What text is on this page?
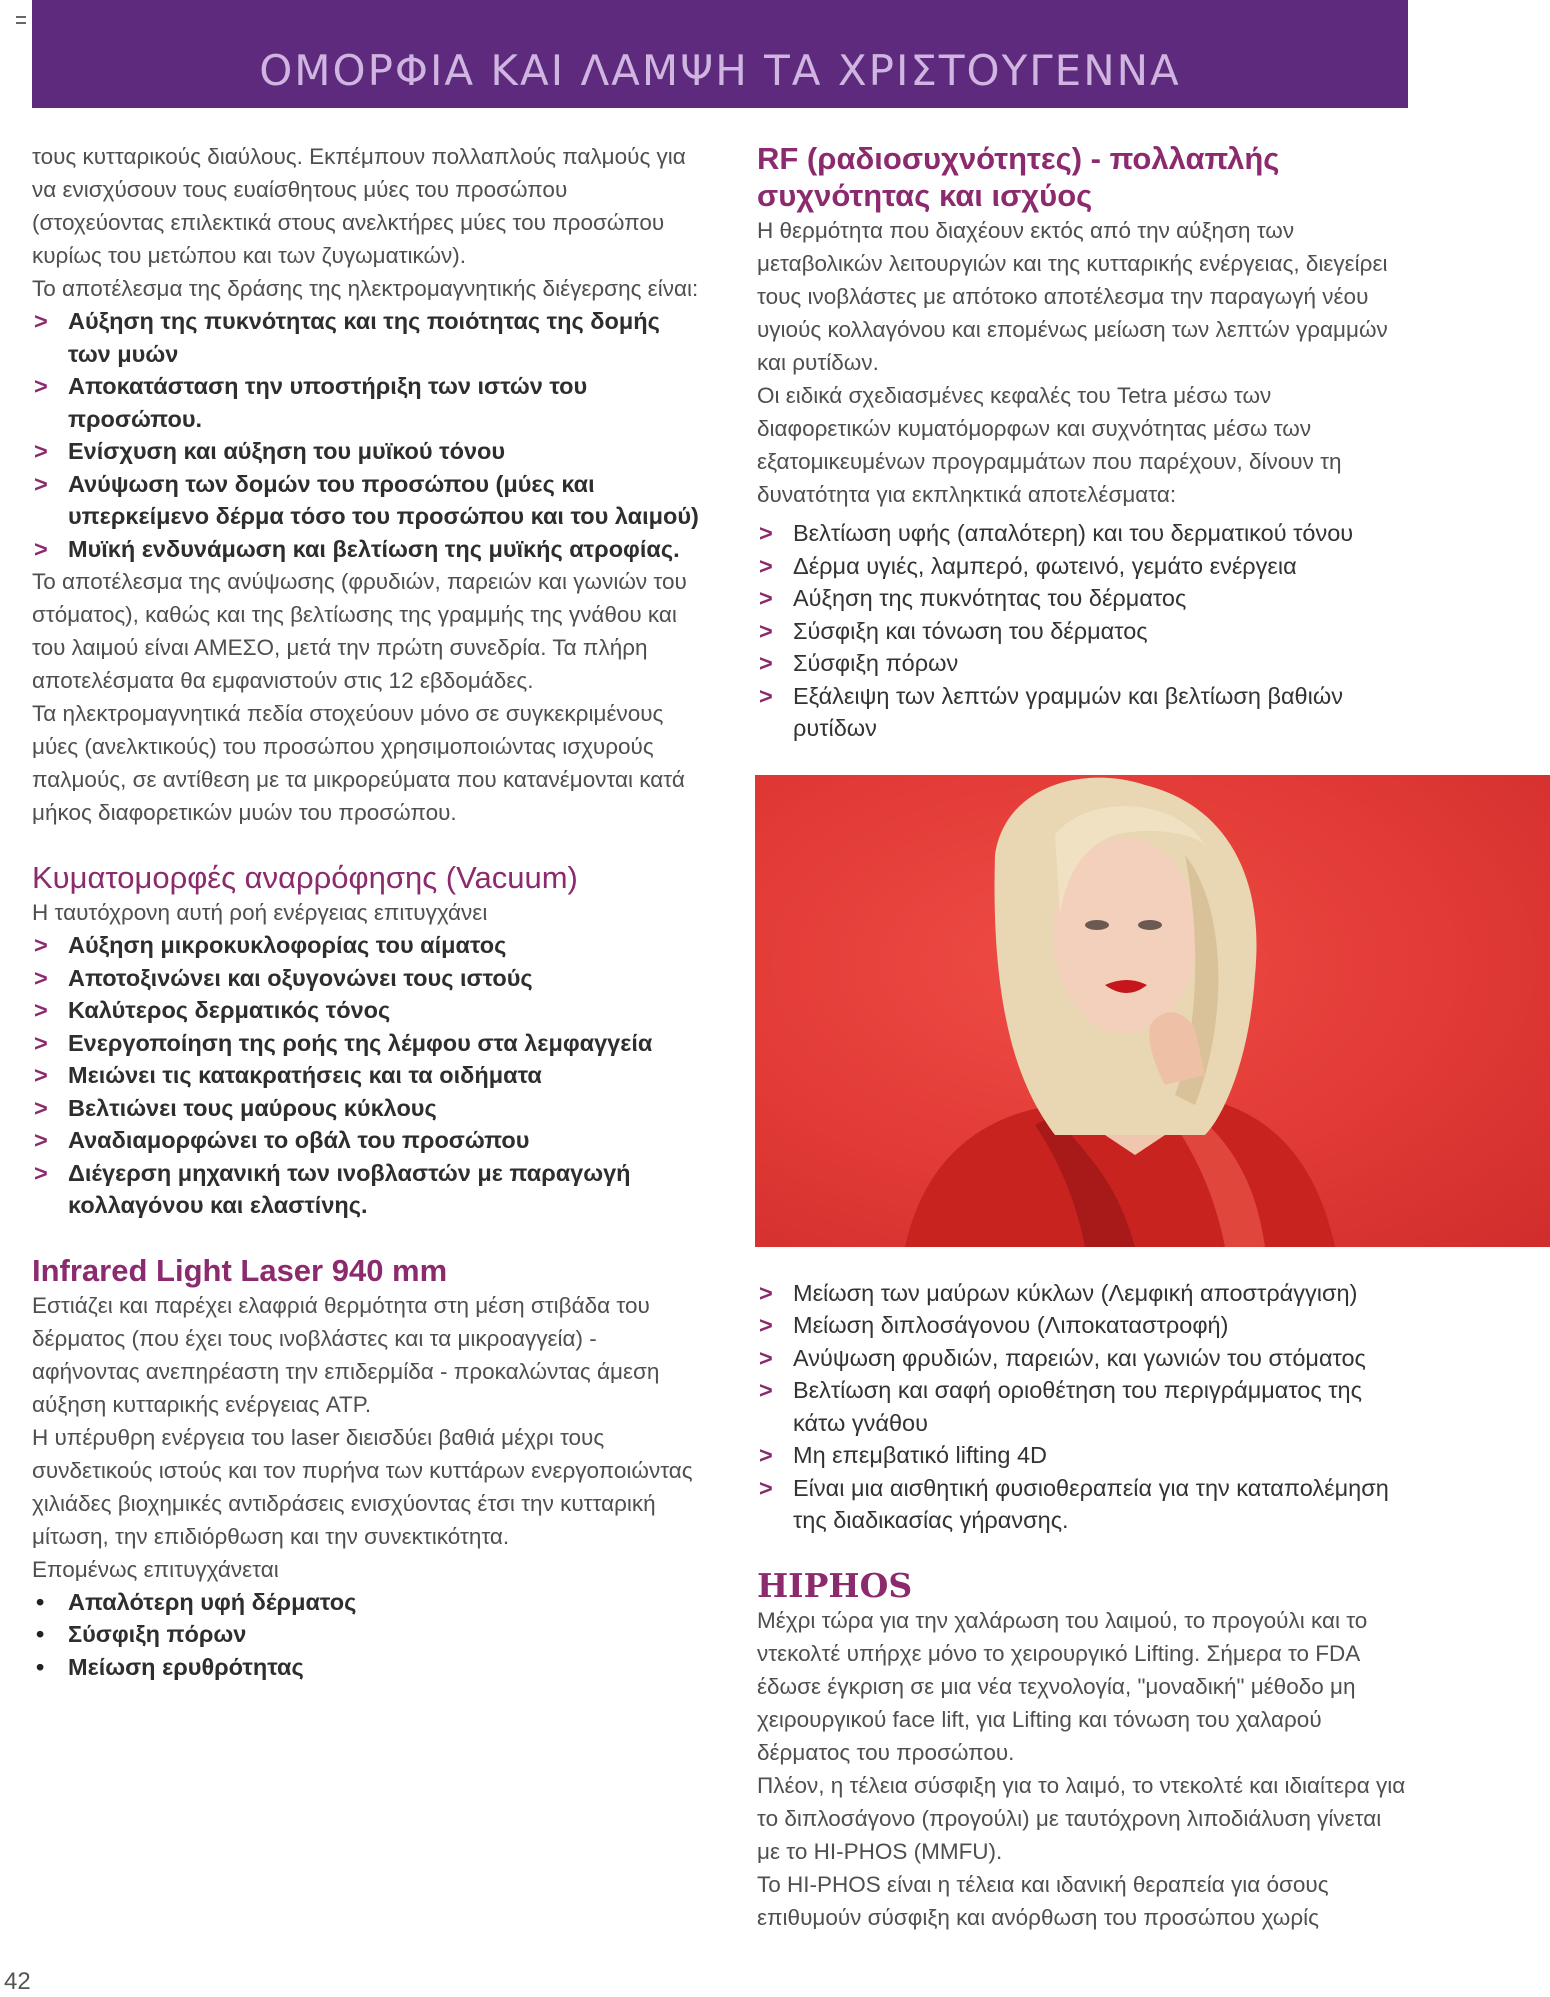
ΟΜΟΡΦΙΑ ΚΑΙ ΛΑΜΨΗ ΤΑ ΧΡΙΣΤΟΥΓΕΝΝΑ

τους κυτταρικούς διαύλους. Εκπέμπουν πολλαπλούς παλμούς για να ενισχύσουν τους ευαίσθητους μύες του προσώπου (στοχεύοντας επιλεκτικά στους ανελκτήρες μύες του προσώπου κυρίως του μετώπου και των ζυγωματικών).

Το αποτέλεσμα της δράσης της ηλεκτρομαγνητικής διέγερσης είναι:

> Αύξηση της πυκνότητας και της ποιότητας της δομής των μυών
> Αποκατάσταση την υποστήριξη των ιστών του προσώπου.
> Ενίσχυση και αύξηση του μυϊκού τόνου
> Ανύψωση των δομών του προσώπου (μύες και υπερκείμενο δέρμα τόσο του προσώπου και του λαιμού)
> Μυϊκή ενδυνάμωση και βελτίωση της μυϊκής ατροφίας.

Το αποτέλεσμα της ανύψωσης (φρυδιών, παρειών και γωνιών του στόματος), καθώς και της βελτίωσης της γραμμής της γνάθου και του λαιμού είναι ΑΜΕΣΟ, μετά την πρώτη συνεδρία. Τα πλήρη αποτελέσματα θα εμφανιστούν στις 12 εβδομάδες.

Τα ηλεκτρομαγνητικά πεδία στοχεύουν μόνο σε συγκεκριμένους μύες (ανελκτικούς) του προσώπου χρησιμοποιώντας ισχυρούς παλμούς, σε αντίθεση με τα μικρορεύματα που κατανέμονται κατά μήκος διαφορετικών μυών του προσώπου.

Κυματομορφές αναρρόφησης (Vacuum)

Η ταυτόχρονη αυτή ροή ενέργειας επιτυγχάνει

> Αύξηση μικροκυκλοφορίας του αίματος
> Αποτοξινώνει και οξυγονώνει τους ιστούς
> Καλύτερος δερματικός τόνος
> Ενεργοποίηση της ροής της λέμφου στα λεμφαγγεία
> Μειώνει τις κατακρατήσεις και τα οιδήματα
> Βελτιώνει τους μαύρους κύκλους
> Αναδιαμορφώνει το οβάλ του προσώπου
> Διέγερση μηχανική των ινοβλαστών με παραγωγή κολλαγόνου και ελαστίνης.
Infrared Light Laser 940 mm

Εστιάζει και παρέχει ελαφριά θερμότητα στη μέση στιβάδα του δέρματος (που έχει τους ινοβλάστες και τα μικροαγγεία) - αφήνοντας ανεπηρέαστη την επιδερμίδα - προκαλώντας άμεση αύξηση κυτταρικής ενέργειας ATP.

Η υπέρυθρη ενέργεια του laser διεισδύει βαθιά μέχρι τους συνδετικούς ιστούς και τον πυρήνα των κυττάρων ενεργοποιώντας χιλιάδες βιοχημικές αντιδράσεις ενισχύοντας έτσι την κυτταρική μίτωση, την επιδιόρθωση και την συνεκτικότητα.

Επομένως επιτυγχάνεται

• Απαλότερη υφή δέρματος
• Σύσφιξη πόρων
• Μείωση ερυθρότητας
RF (ραδιοσυχνότητες) - πολλαπλής συχνότητας και ισχύος

Η θερμότητα που διαχέουν εκτός από την αύξηση των μεταβολικών λειτουργιών και της κυτταρικής ενέργειας, διεγείρει τους ινοβλάστες με απότοκο αποτέλεσμα την παραγωγή νέου υγιούς κολλαγόνου και επομένως μείωση των λεπτών γραμμών και ρυτίδων.

Οι ειδικά σχεδιασμένες κεφαλές του Tetra μέσω των διαφορετικών κυματόμορφων και συχνότητας μέσω των εξατομικευμένων προγραμμάτων που παρέχουν, δίνουν τη δυνατότητα για εκπληκτικά αποτελέσματα:

> Βελτίωση υφής (απαλότερη) και του δερματικού τόνου
> Δέρμα υγιές, λαμπερό, φωτεινό, γεμάτο ενέργεια
> Αύξηση της πυκνότητας του δέρματος
> Σύσφιξη και τόνωση του δέρματος
> Σύσφιξη πόρων
> Εξάλειψη των λεπτών γραμμών και βελτίωση βαθιών ρυτίδων
> Μείωση των μαύρων κύκλων (Λεμφική αποστράγγιση)
> Μείωση διπλοσάγονου (Λιποκαταστροφή)
> Ανύψωση φρυδιών, παρειών, και γωνιών του στόματος
> Βελτίωση και σαφή οριοθέτηση του περιγράμματος της κάτω γνάθου
> Μη επεμβατικό lifting 4D
> Είναι μια αισθητική φυσιοθεραπεία για την καταπολέμηση της διαδικασίας γήρανσης.
HIPHOS

Μέχρι τώρα για την χαλάρωση του λαιμού, το προγούλι και το ντεκολτέ υπήρχε μόνο το χειρουργικό Lifting. Σήμερα το FDA έδωσε έγκριση σε μια νέα τεχνολογία, "μοναδική" μέθοδο μη χειρουργικού face lift, για Lifting και τόνωση του χαλαρού δέρματος του προσώπου.

Πλέον, η τέλεια σύσφιξη για το λαιμό, το ντεκολτέ και ιδιαίτερα για το διπλοσάγονο (προγούλι) με ταυτόχρονη λιποδιάλυση γίνεται με το HI-PHOS (MMFU).

Το HI-PHOS είναι η τέλεια και ιδανική θεραπεία για όσους επιθυμούν σύσφιξη και ανόρθωση του προσώπου χωρίς

42
